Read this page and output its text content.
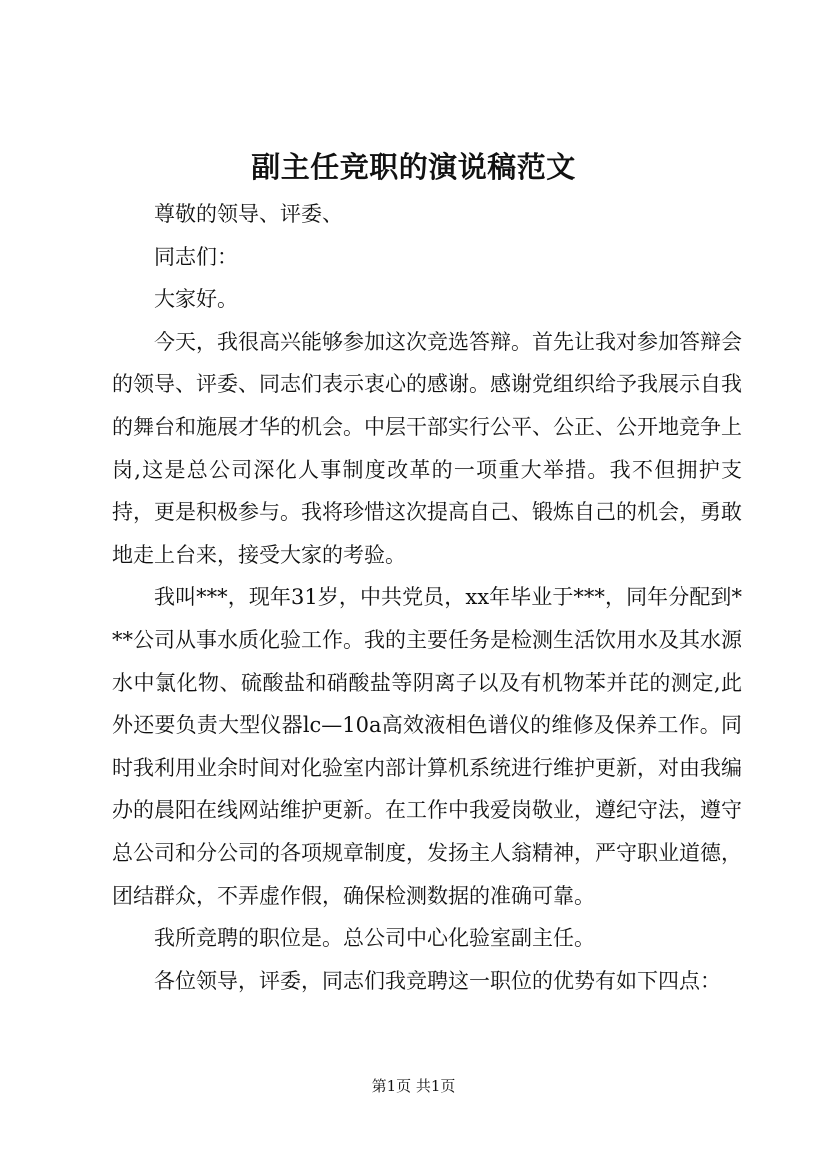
副主任竞职的演说稿范文

尊敬的领导、评委、

同志们：

大家好。

今天，我很高兴能够参加这次竞选答辩。首先让我对参加答辩会的领导、评委、同志们表示衷心的感谢。感谢党组织给予我展示自我的舞台和施展才华的机会。中层干部实行公平、公正、公开地竞争上岗,这是总公司深化人事制度改革的一项重大举措。我不但拥护支持，更是积极参与。我将珍惜这次提高自己、锻炼自己的机会，勇敢地走上台来，接受大家的考验。

我叫***，现年31岁，中共党员，xx年毕业于***，同年分配到***公司从事水质化验工作。我的主要任务是检测生活饮用水及其水源水中氯化物、硫酸盐和硝酸盐等阴离子以及有机物苯并芘的测定,此外还要负责大型仪器lc—10a高效液相色谱仪的维修及保养工作。同时我利用业余时间对化验室内部计算机系统进行维护更新，对由我编办的晨阳在线网站维护更新。在工作中我爱岗敬业，遵纪守法，遵守总公司和分公司的各项规章制度，发扬主人翁精神，严守职业道德，团结群众，不弄虚作假，确保检测数据的准确可靠。

我所竞聘的职位是。总公司中心化验室副主任。

各位领导，评委，同志们我竞聘这一职位的优势有如下四点：

第1页 共1页
